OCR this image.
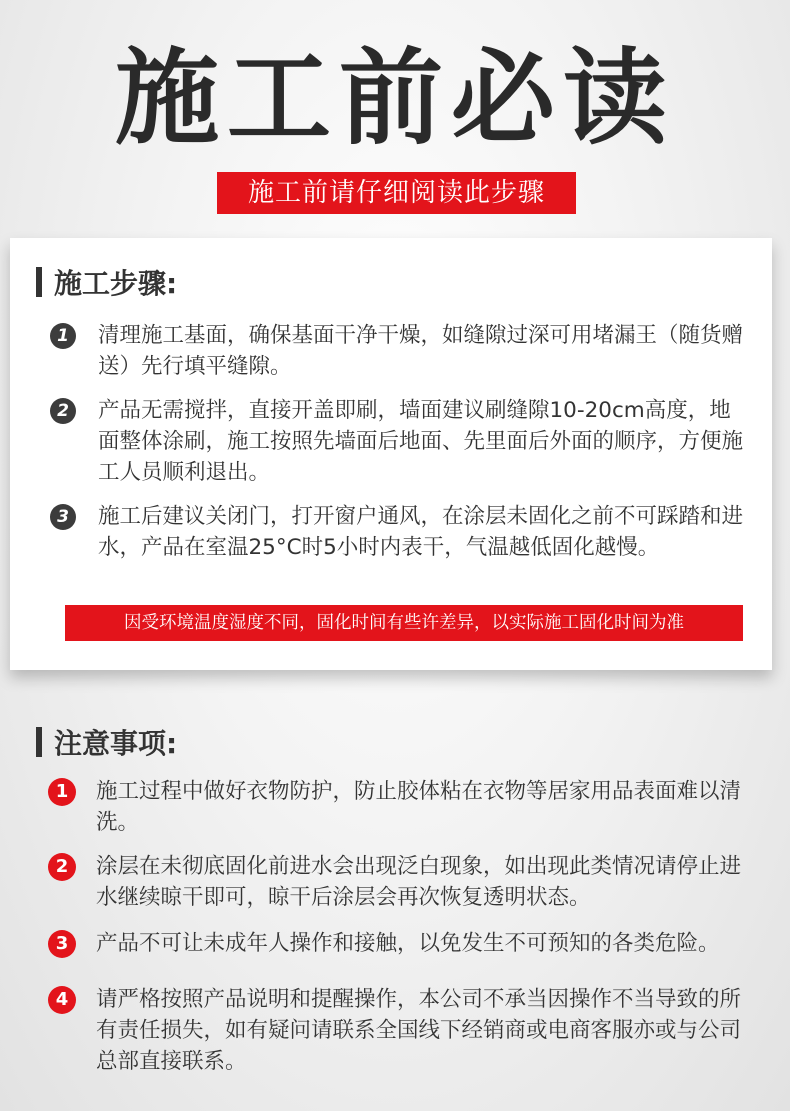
施工前必读
施工前请仔细阅读此步骤
施工步骤:
1	清理施工基面，确保基面干净干燥，如缝隙过深可用堵漏王（随货赠送）先行填平缝隙。
2	产品无需搅拌，直接开盖即刷，墙面建议刷缝隙10-20cm高度，地面整体涂刷，施工按照先墙面后地面、先里面后外面的顺序，方便施工人员顺利退出。
3	施工后建议关闭门，打开窗户通风，在涂层未固化之前不可踩踏和进水，产品在室温25°C时5小时内表干，气温越低固化越慢。
因受环境温度湿度不同，固化时间有些许差异，以实际施工固化时间为准
注意事项:
1	施工过程中做好衣物防护，防止胶体粘在衣物等居家用品表面难以清洗。
2	涂层在未彻底固化前进水会出现泛白现象，如出现此类情况请停止进水继续晾干即可，晾干后涂层会再次恢复透明状态。
3	产品不可让未成年人操作和接触，以免发生不可预知的各类危险。
4	请严格按照产品说明和提醒操作，本公司不承当因操作不当导致的所有责任损失，如有疑问请联系全国线下经销商或电商客服亦或与公司总部直接联系。
